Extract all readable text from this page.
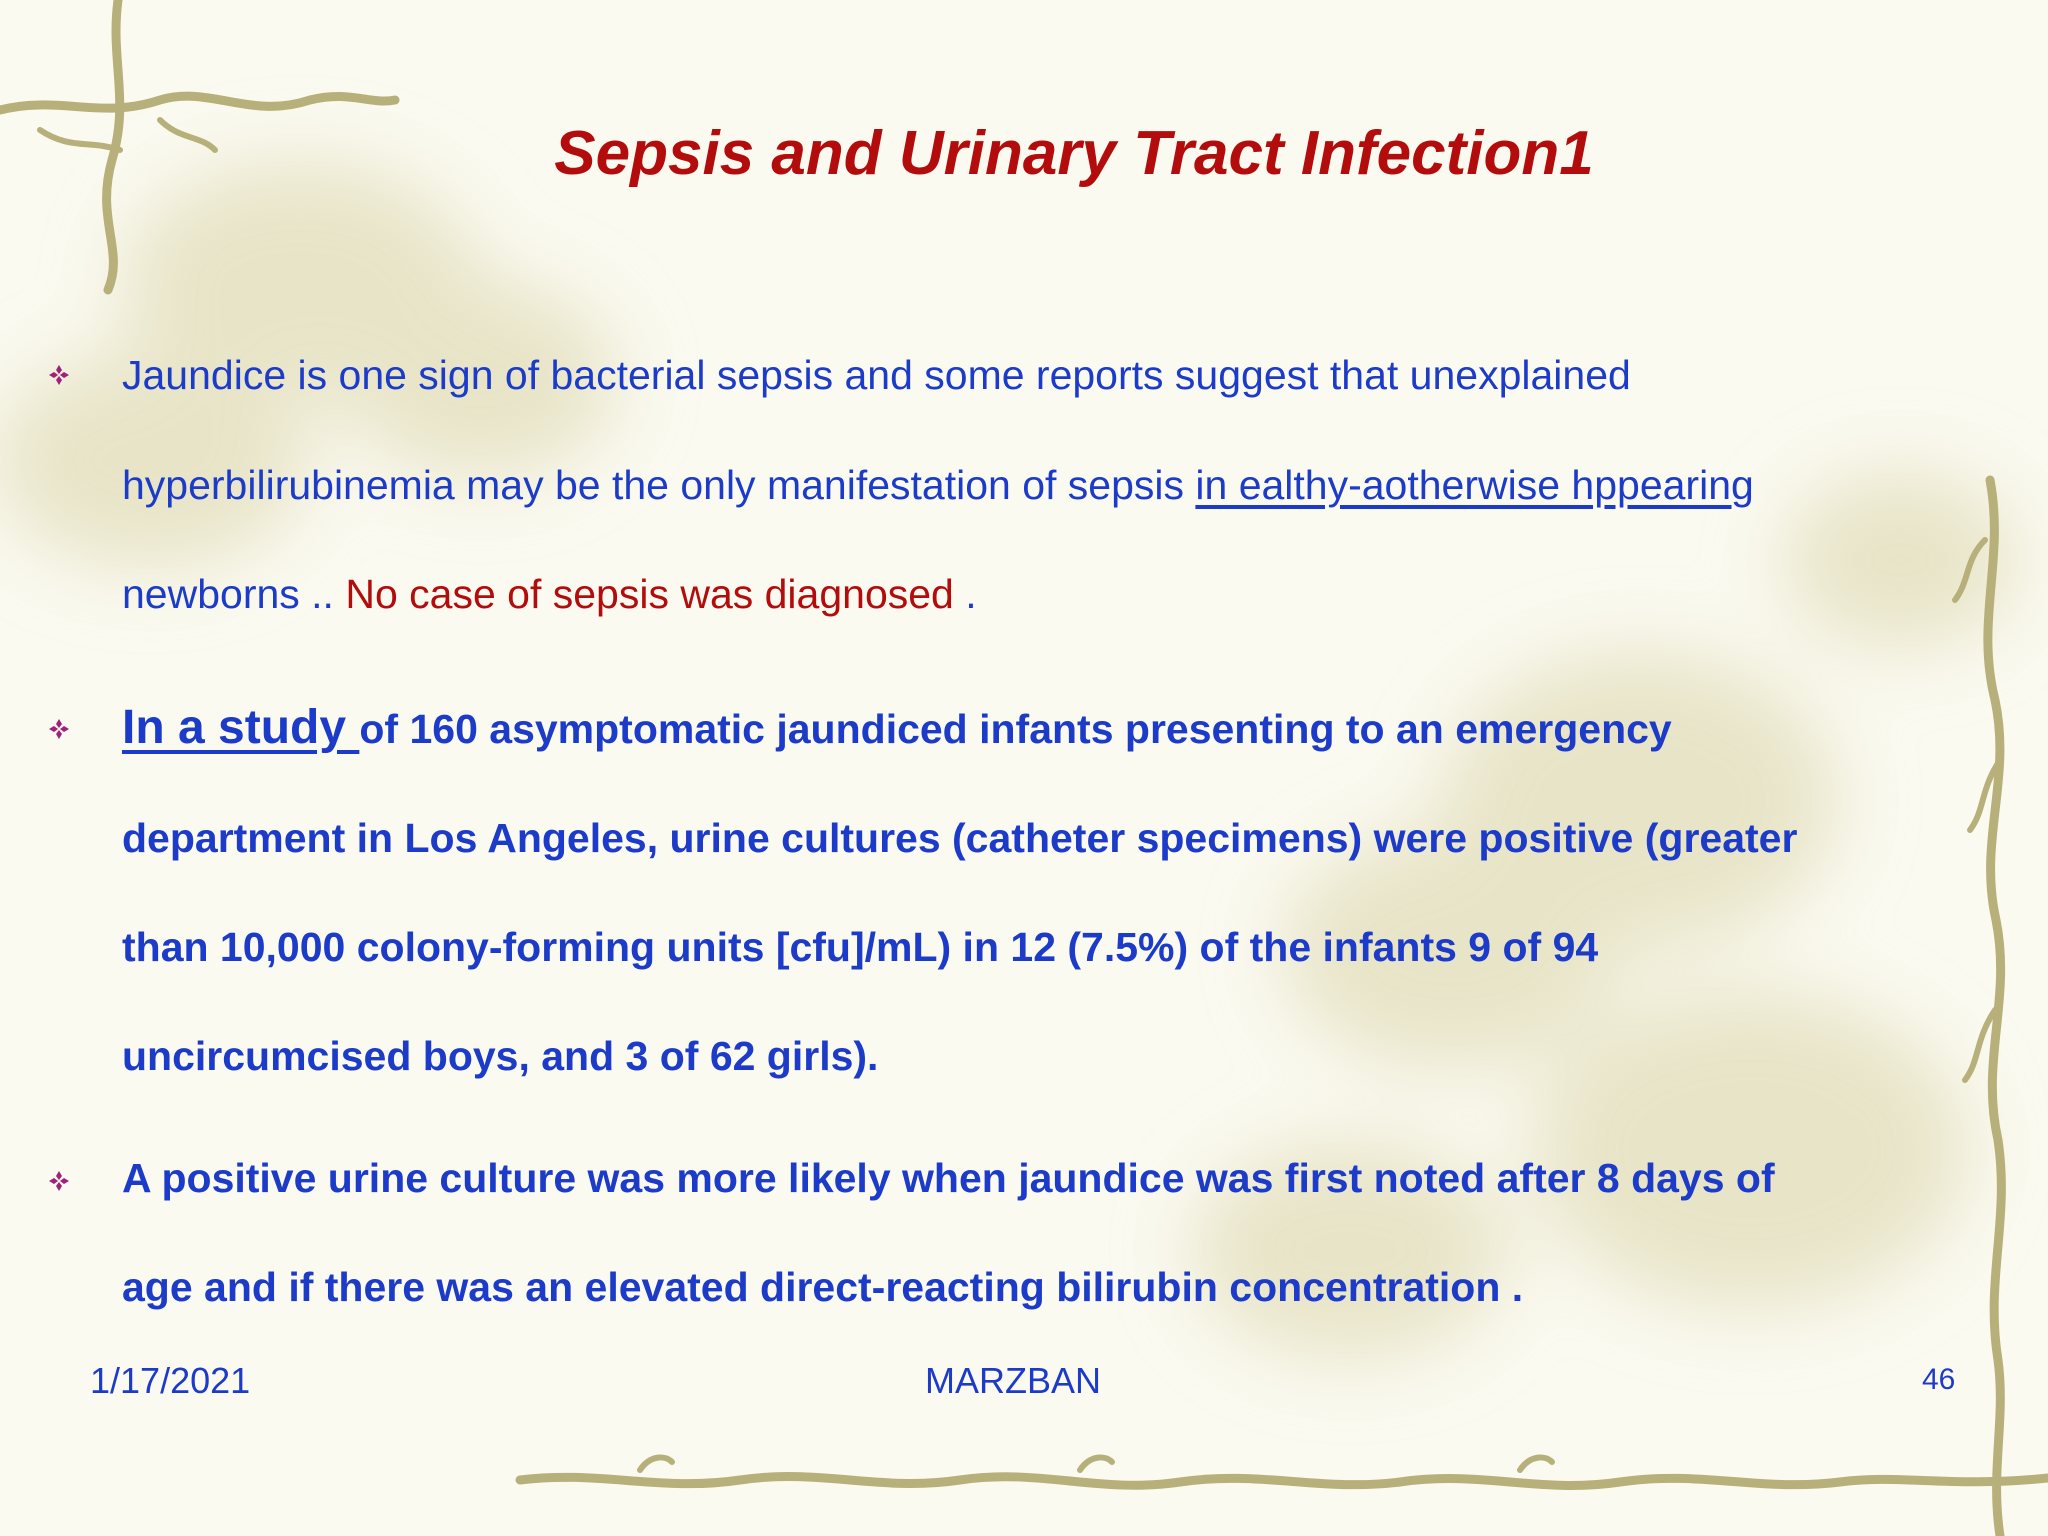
Sepsis and Urinary Tract Infection1
Jaundice is one sign of bacterial sepsis and some reports suggest that unexplained
hyperbilirubinemia may be the only manifestation of sepsis in ealthy-aotherwise hppearing
newborns .. No case of sepsis was diagnosed .
In a study of 160 asymptomatic jaundiced infants presenting to an emergency
department in Los Angeles, urine cultures (catheter specimens) were positive (greater
than 10,000 colony-forming units [cfu]/mL) in 12 (7.5%) of the infants 9 of 94
uncircumcised boys, and 3 of 62 girls).
A positive urine culture was more likely when jaundice was first noted after 8 days of
age and if there was an elevated direct-reacting bilirubin concentration .
1/17/2021	MARZBAN	46
